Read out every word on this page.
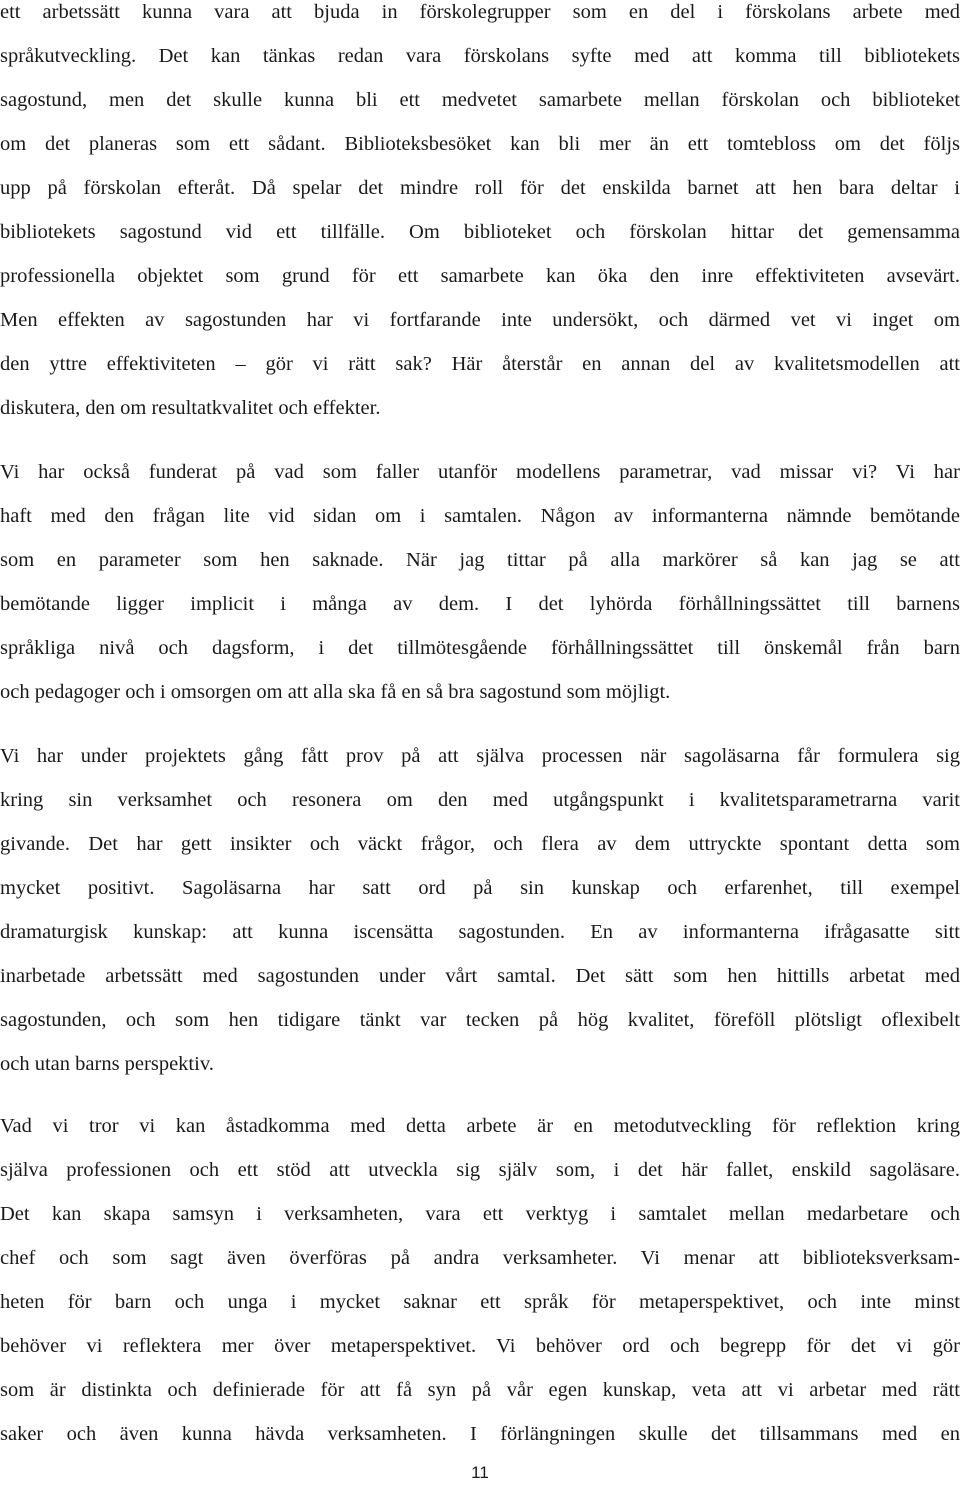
ett arbetssätt kunna vara att bjuda in förskolegrupper som en del i förskolans arbete med
språkutveckling. Det kan tänkas redan vara förskolans syfte med att komma till bibliotekets
sagostund, men det skulle kunna bli ett medvetet samarbete mellan förskolan och biblioteket
om det planeras som ett sådant. Biblioteksbesöket kan bli mer än ett tomtebloss om det följs
upp på förskolan efteråt. Då spelar det mindre roll för det enskilda barnet att hen bara deltar i
bibliotekets sagostund vid ett tillfälle. Om biblioteket och förskolan hittar det gemensamma
professionella objektet som grund för ett samarbete kan öka den inre effektiviteten avsevärt.
Men effekten av sagostunden har vi fortfarande inte undersökt, och därmed vet vi inget om
den yttre effektiviteten – gör vi rätt sak? Här återstår en annan del av kvalitetsmodellen att
diskutera, den om resultatkvalitet och effekter.
Vi har också funderat på vad som faller utanför modellens parametrar, vad missar vi? Vi har
haft med den frågan lite vid sidan om i samtalen. Någon av informanterna nämnde bemötande
som en parameter som hen saknade. När jag tittar på alla markörer så kan jag se att
bemötande ligger implicit i många av dem. I det lyhörda förhållningssättet till barnens
språkliga nivå och dagsform, i det tillmötesgående förhållningssättet till önskemål från barn
och pedagoger och i omsorgen om att alla ska få en så bra sagostund som möjligt.
Vi har under projektets gång fått prov på att själva processen när sagoläsarna får formulera sig
kring sin verksamhet och resonera om den med utgångspunkt i kvalitetsparametrarna varit
givande. Det har gett insikter och väckt frågor, och flera av dem uttryckte spontant detta som
mycket positivt. Sagoläsarna har satt ord på sin kunskap och erfarenhet, till exempel
dramaturgisk kunskap: att kunna iscensätta sagostunden. En av informanterna ifrågasatte sitt
inarbetade arbetssätt med sagostunden under vårt samtal. Det sätt som hen hittills arbetat med
sagostunden, och som hen tidigare tänkt var tecken på hög kvalitet, föreföll plötsligt oflexibelt
och utan barns perspektiv.
Vad vi tror vi kan åstadkomma med detta arbete är en metodutveckling för reflektion kring
själva professionen och ett stöd att utveckla sig själv som, i det här fallet, enskild sagoläsare.
Det kan skapa samsyn i verksamheten, vara ett verktyg i samtalet mellan medarbetare och
chef och som sagt även överföras på andra verksamheter. Vi menar att biblioteksverksam-
heten för barn och unga i mycket saknar ett språk för metaperspektivet, och inte minst
behöver vi reflektera mer över metaperspektivet. Vi behöver ord och begrepp för det vi gör
som är distinkta och definierade för att få syn på vår egen kunskap, veta att vi arbetar med rätt
saker och även kunna hävda verksamheten. I förlängningen skulle det tillsammans med en
11
